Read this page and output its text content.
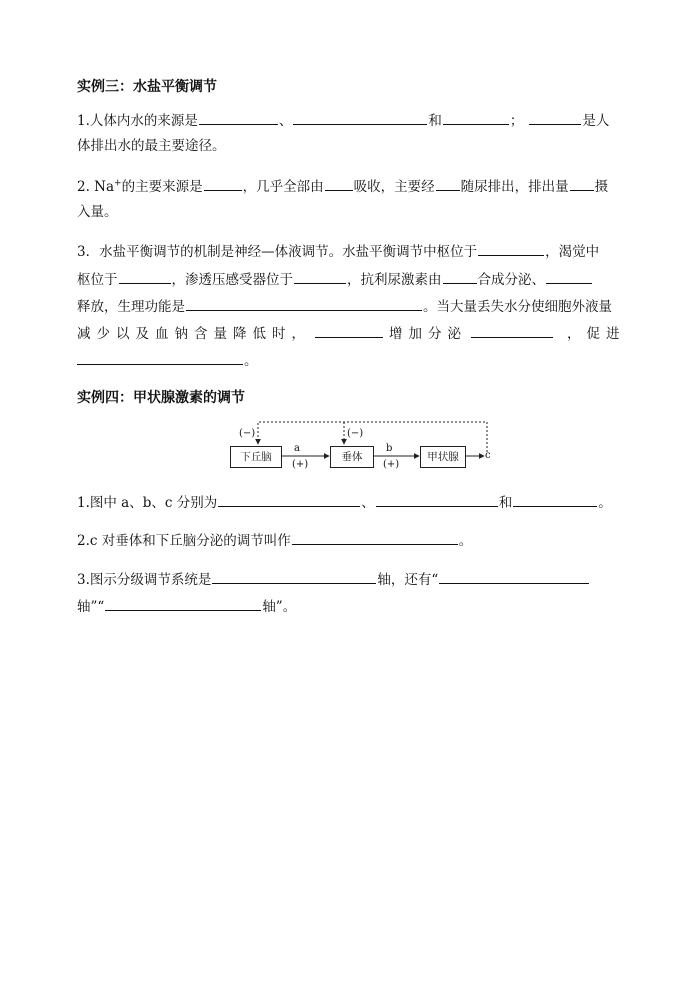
实例三：水盐平衡调节
1.人体内水的来源是	、	和	；	是人
体排出水的最主要途径。
2. Na+的主要来源是	，几乎全部由 吸收，主要经 随尿排出，排出量 摄
入量。
3．水盐平衡调节的机制是神经—体液调节。水盐平衡调节中枢位于	，渴觉中
枢位于	，渗透压感受器位于	，抗利尿激素由	合成分泌、
释放，生理功能是	。当大量丢失水分使细胞外液量
减少以及血钠含量降低时，	增加分泌	，促进
。
实例四：甲状腺激素的调节
下丘脑	垂体	甲状腺
(−)	(−)
a
(+)
b
(+)
c
1.图中 a、b、c 分别为	、	和	。
2.c 对垂体和下丘脑分泌的调节叫作	。
3.图示分级调节系统是	轴，还有“
轴”“	轴”。
